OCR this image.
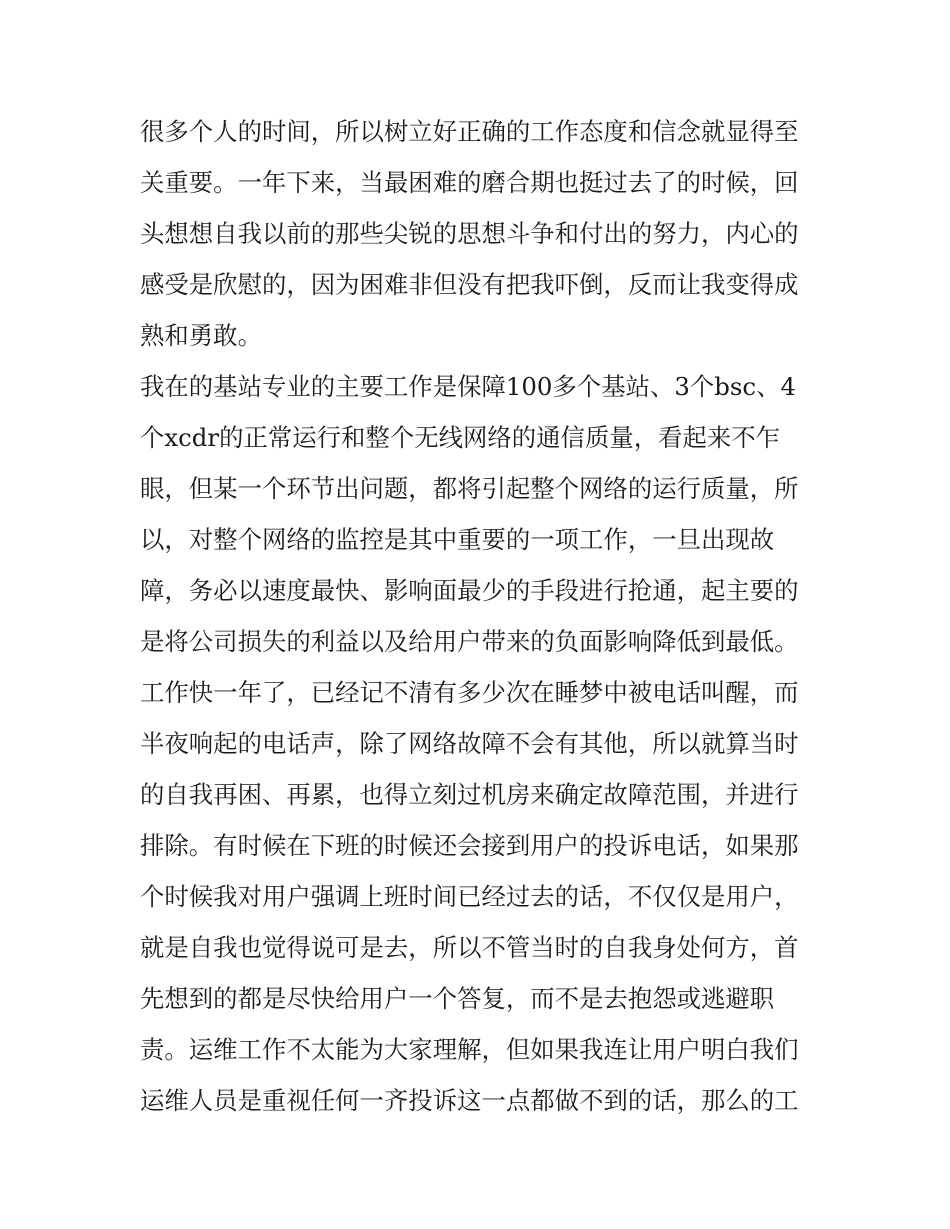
很多个人的时间，所以树立好正确的工作态度和信念就显得至
关重要。一年下来，当最困难的磨合期也挺过去了的时候，回
头想想自我以前的那些尖锐的思想斗争和付出的努力，内心的
感受是欣慰的，因为困难非但没有把我吓倒，反而让我变得成
熟和勇敢。
我在的基站专业的主要工作是保障100多个基站、3个bsc、4
个xcdr的正常运行和整个无线网络的通信质量，看起来不乍
眼，但某一个环节出问题，都将引起整个网络的运行质量，所
以，对整个网络的监控是其中重要的一项工作，一旦出现故
障，务必以速度最快、影响面最少的手段进行抢通，起主要的
是将公司损失的利益以及给用户带来的负面影响降低到最低。
工作快一年了，已经记不清有多少次在睡梦中被电话叫醒，而
半夜响起的电话声，除了网络故障不会有其他，所以就算当时
的自我再困、再累，也得立刻过机房来确定故障范围，并进行
排除。有时候在下班的时候还会接到用户的投诉电话，如果那
个时候我对用户强调上班时间已经过去的话，不仅仅是用户，
就是自我也觉得说可是去，所以不管当时的自我身处何方，首
先想到的都是尽快给用户一个答复，而不是去抱怨或逃避职
责。运维工作不太能为大家理解，但如果我连让用户明白我们
运维人员是重视任何一齐投诉这一点都做不到的话，那么的工
